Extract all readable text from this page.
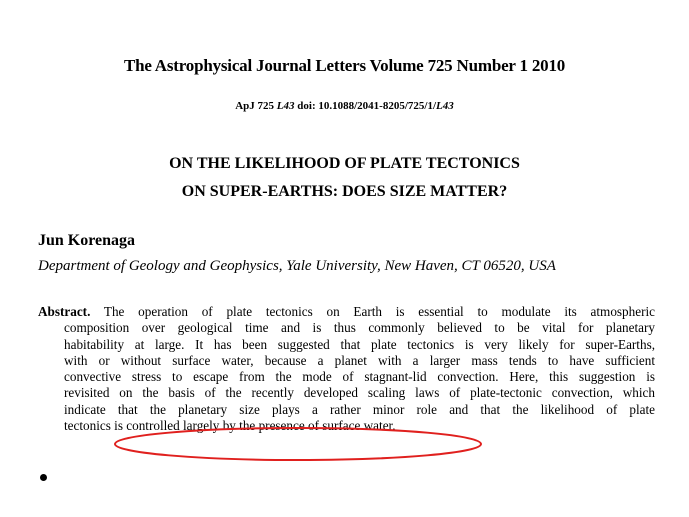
The Astrophysical Journal Letters Volume 725 Number 1 2010
ApJ 725 L43 doi: 10.1088/2041-8205/725/1/L43
ON THE LIKELIHOOD OF PLATE TECTONICS
ON SUPER-EARTHS: DOES SIZE MATTER?
Jun Korenaga
Department of Geology and Geophysics, Yale University, New Haven, CT 06520, USA
Abstract. The operation of plate tectonics on Earth is essential to modulate its atmospheric
composition over geological time and is thus commonly believed to be vital for planetary
habitability at large. It has been suggested that plate tectonics is very likely for super-Earths,
with or without surface water, because a planet with a larger mass tends to have sufficient
convective stress to escape from the mode of stagnant-lid convection. Here, this suggestion is
revisited on the basis of the recently developed scaling laws of plate-tectonic convection, which
indicate that the planetary size plays a rather minor role and that the likelihood of plate
tectonics is controlled largely by the presence of surface water.
